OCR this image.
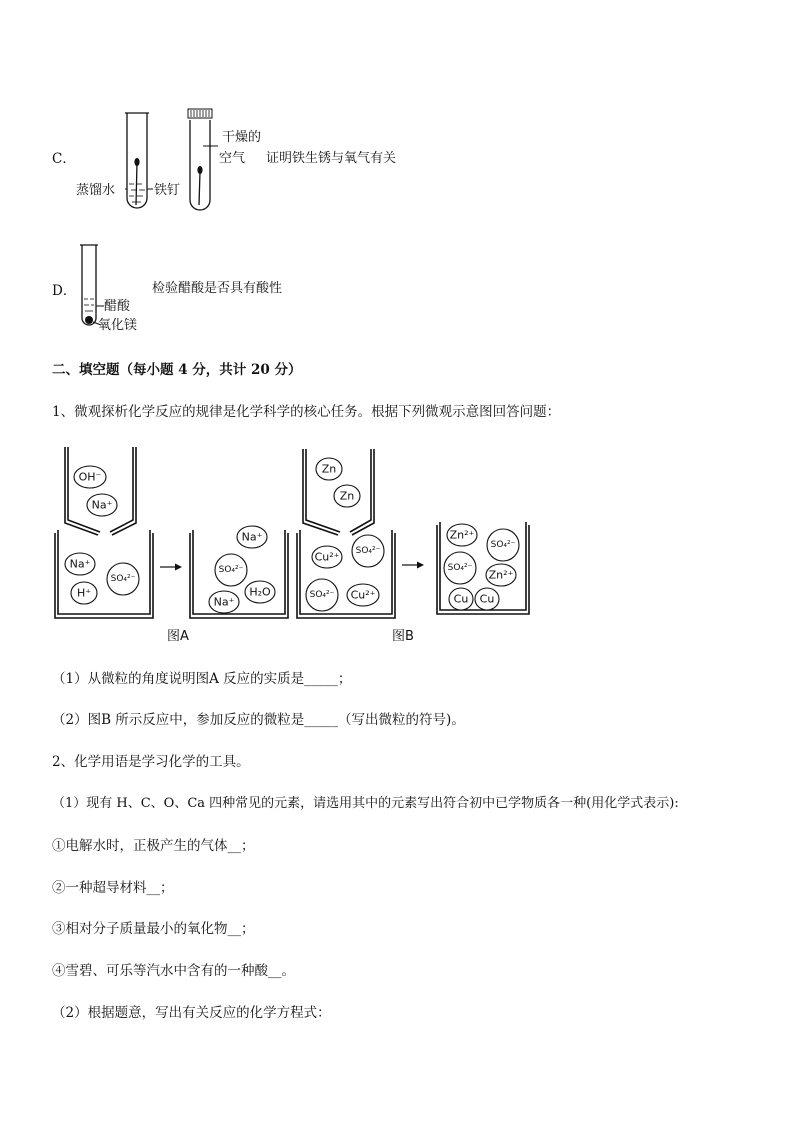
C．
干燥的
空气 证明铁生锈与氧气有关
蒸馏水	铁钉
D．	检验醋酸是否具有酸性
醋酸
氧化镁
二、填空题（每小题 4 分，共计 20 分）
1、微观探析化学反应的规律是化学科学的核心任务。根据下列微观示意图回答问题：
OH⁻
Na⁺
Na⁺
H⁺
SO₄²⁻
Na⁺
SO₄²⁻
H₂O
Na⁺
Zn
Zn
Cu²⁺ SO₄²⁻
SO₄²⁻ Cu²⁺
Zn²⁺
SO₄²⁻
SO₄²⁻
Zn²⁺
Cu Cu
图A	图B
（1）从微粒的角度说明图A 反应的实质是_____；
（2）图B 所示反应中，参加反应的微粒是_____（写出微粒的符号)。
2、化学用语是学习化学的工具。
（1）现有 H、C、O、Ca 四种常见的元素，请选用其中的元素写出符合初中已学物质各一种(用化学式表示):
①电解水时，正极产生的气体__；
②一种超导材料__；
③相对分子质量最小的氧化物__；
④雪碧、可乐等汽水中含有的一种酸__。
（2）根据题意，写出有关反应的化学方程式：
